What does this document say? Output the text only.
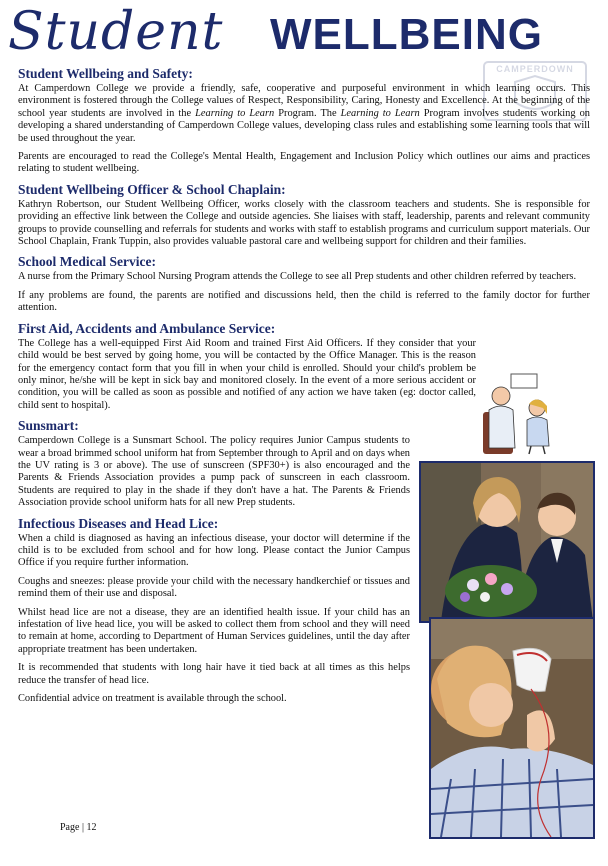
Student WELLBEING
CAMPERDOWN
Student Wellbeing and Safety:

At Camperdown College we provide a friendly, safe, cooperative and purposeful environment in which learning occurs. This environment is fostered through the College values of Respect, Responsibility, Caring, Honesty and Excellence. At the beginning of the school year students are involved in the Learning to Learn Program. The Learning to Learn Program involves students working on developing a shared understanding of Camperdown College values, developing class rules and establishing some learning tools that will be used throughout the year.

Parents are encouraged to read the College's Mental Health, Engagement and Inclusion Policy which outlines our aims and practices relating to student wellbeing.

Student Wellbeing Officer & School Chaplain:

Kathryn Robertson, our Student Wellbeing Officer, works closely with the classroom teachers and students. She is responsible for providing an effective link between the College and outside agencies. She liaises with staff, leadership, parents and relevant community groups to provide counselling and referrals for students and works with staff to establish programs and curriculum support materials. Our School Chaplain, Frank Tuppin, also provides valuable pastoral care and wellbeing support for children and their families.

School Medical Service:

A nurse from the Primary School Nursing Program attends the College to see all Prep students and other children referred by teachers.

If any problems are found, the parents are notified and discussions held, then the child is referred to the family doctor for further attention.

First Aid, Accidents and Ambulance Service:

The College has a well-equipped First Aid Room and trained First Aid Officers. If they consider that your child would be best served by going home, you will be contacted by the Office Manager. This is the reason for the emergency contact form that you fill in when your child is enrolled. Should your child's problem be only minor, he/she will be kept in sick bay and monitored closely. In the event of a more serious accident or condition, you will be called as soon as possible and notified of any action we have taken (eg: doctor called, child sent to hospital).

Sunsmart:

Camperdown College is a Sunsmart School. The policy requires Junior Campus students to wear a broad brimmed school uniform hat from September through to April and on days when the UV rating is 3 or above). The use of sunscreen (SPF30+) is also encouraged and the Parents & Friends Association provides a pump pack of sunscreen in each classroom. Students are required to play in the shade if they don't have a hat. The Parents & Friends Association provide school uniform hats for all new Prep students.

Infectious Diseases and Head Lice:

When a child is diagnosed as having an infectious disease, your doctor will determine if the child is to be excluded from school and for how long. Please contact the Junior Campus Office if you require further information.

Coughs and sneezes: please provide your child with the necessary handkerchief or tissues and remind them of their use and disposal.

Whilst head lice are not a disease, they are an identified health issue. If your child has an infestation of live head lice, you will be asked to collect them from school and they will need to remain at home, according to Department of Human Services guidelines, until the day after appropriate treatment has been undertaken.

It is recommended that students with long hair have it tied back at all times as this helps reduce the transfer of head lice.

Confidential advice on treatment is available through the school.

Page | 12
